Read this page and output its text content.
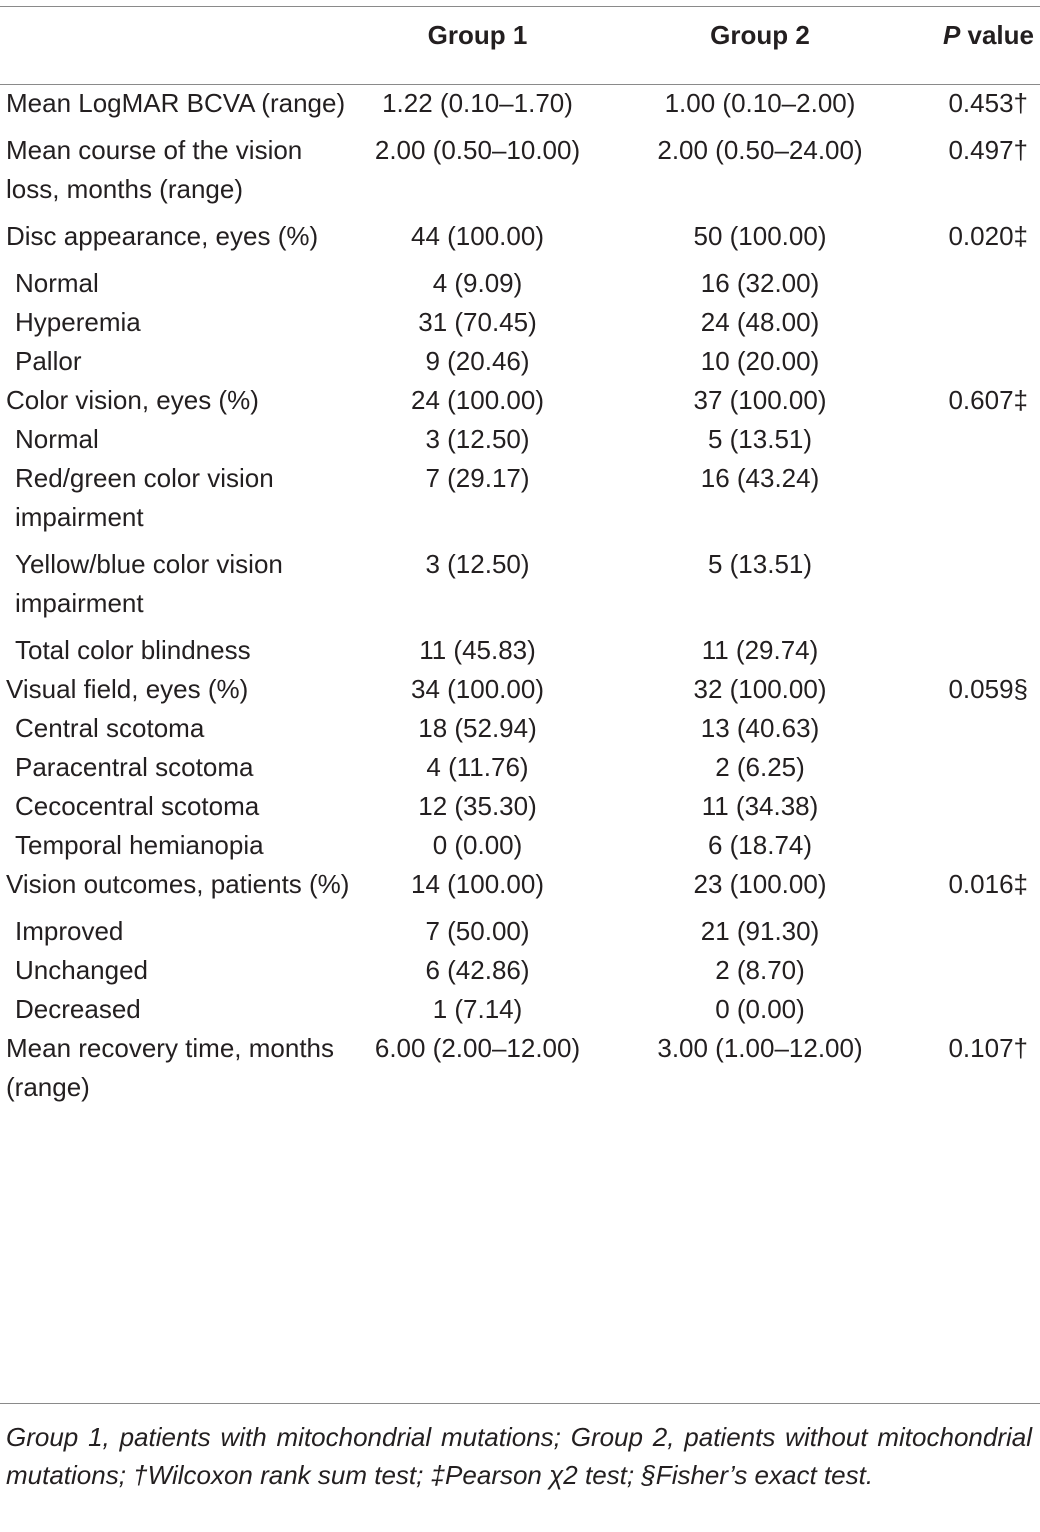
	Group 1	Group 2	P value
Mean LogMAR BCVA (range)	1.22 (0.10–1.70)	1.00 (0.10–2.00)	0.453†
Mean course of the vision loss, months (range)	2.00 (0.50–10.00)	2.00 (0.50–24.00)	0.497†
Disc appearance, eyes (%)	44 (100.00)	50 (100.00)	0.020‡
Normal	4 (9.09)	16 (32.00)	
Hyperemia	31 (70.45)	24 (48.00)	
Pallor	9 (20.46)	10 (20.00)	
Color vision, eyes (%)	24 (100.00)	37 (100.00)	0.607‡
Normal	3 (12.50)	5 (13.51)	
Red/green color vision impairment	7 (29.17)	16 (43.24)	
Yellow/blue color vision impairment	3 (12.50)	5 (13.51)	
Total color blindness	11 (45.83)	11 (29.74)	
Visual field, eyes (%)	34 (100.00)	32 (100.00)	0.059§
Central scotoma	18 (52.94)	13 (40.63)	
Paracentral scotoma	4 (11.76)	2 (6.25)	
Cecocentral scotoma	12 (35.30)	11 (34.38)	
Temporal hemianopia	0 (0.00)	6 (18.74)	
Vision outcomes, patients (%)	14 (100.00)	23 (100.00)	0.016‡
Improved	7 (50.00)	21 (91.30)	
Unchanged	6 (42.86)	2 (8.70)	
Decreased	1 (7.14)	0 (0.00)	
Mean recovery time, months (range)	6.00 (2.00–12.00)	3.00 (1.00–12.00)	0.107†
Group 1, patients with mitochondrial mutations; Group 2, patients without mitochondrial mutations; †Wilcoxon rank sum test; ‡Pearson χ2 test; §Fisher’s exact test.
